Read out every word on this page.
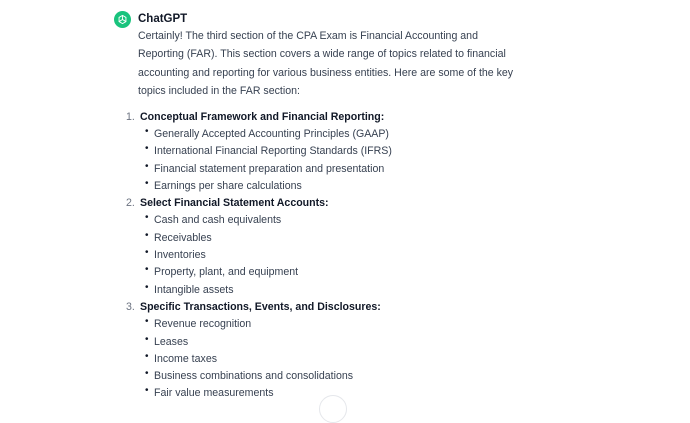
ChatGPT

Certainly! The third section of the CPA Exam is Financial Accounting and Reporting (FAR). This section covers a wide range of topics related to financial accounting and reporting for various business entities. Here are some of the key topics included in the FAR section:

1. Conceptual Framework and Financial Reporting:
• Generally Accepted Accounting Principles (GAAP)
• International Financial Reporting Standards (IFRS)
• Financial statement preparation and presentation
• Earnings per share calculations
2. Select Financial Statement Accounts:
• Cash and cash equivalents
• Receivables
• Inventories
• Property, plant, and equipment
• Intangible assets
3. Specific Transactions, Events, and Disclosures:
• Revenue recognition
• Leases
• Income taxes
• Business combinations and consolidations
• Fair value measurements
